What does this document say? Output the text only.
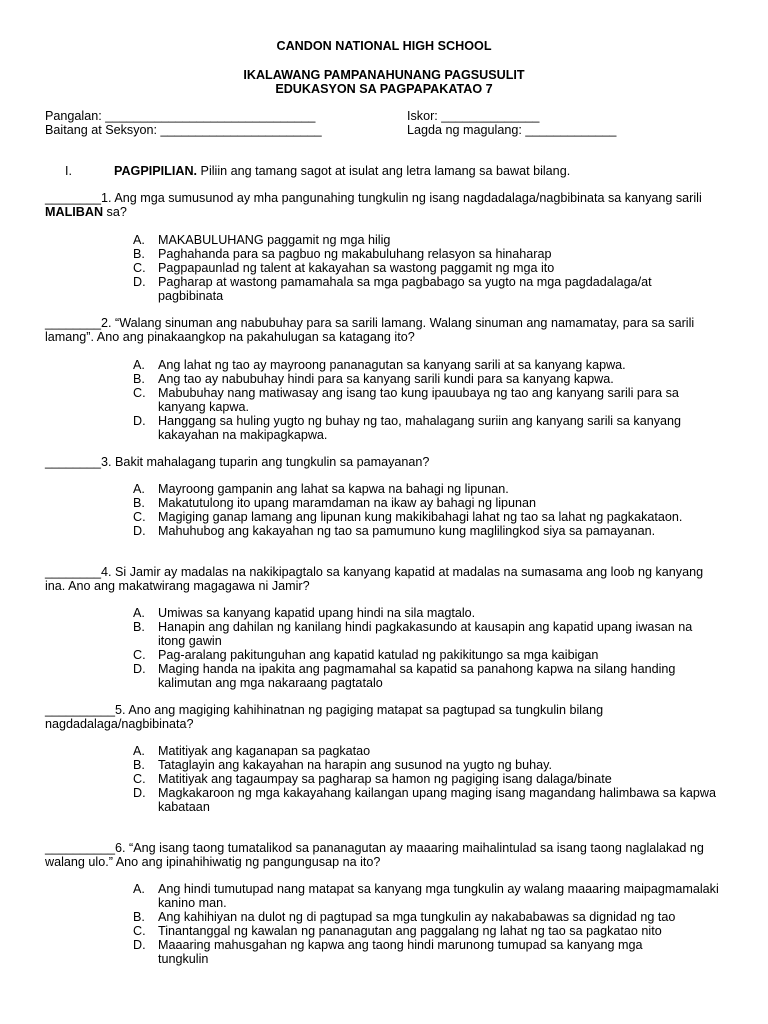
CANDON NATIONAL HIGH SCHOOL
IKALAWANG PAMPANAHUNANG PAGSUSULIT
EDUKASYON SA PAGPAPAKATAO 7
Pangalan: ______________________________	Iskor: ______________
Baitang at Seksyon: _______________________	Lagda ng magulang: _____________
I.	PAGPIPILIAN. Piliin ang tamang sagot at isulat ang letra lamang sa bawat bilang.
________1. Ang mga sumusunod ay mha pangunahing tungkulin ng isang nagdadalaga/nagbibinata sa kanyang sarili MALIBAN sa?
A. MAKABULUHANG paggamit ng mga hilig
B. Paghahanda para sa pagbuo ng makabuluhang relasyon sa hinaharap
C. Pagpapaunlad ng talent at kakayahan sa wastong paggamit ng mga ito
D. Pagharap at wastong pamamahala sa mga pagbabago sa yugto na mga pagdadalaga/at pagbibinata
________2. “Walang sinuman ang nabubuhay para sa sarili lamang. Walang sinuman ang namamatay, para sa sarili lamang”. Ano ang pinakaangkop na pakahulugan sa katagang ito?
A. Ang lahat ng tao ay mayroong pananagutan sa kanyang sarili at sa kanyang kapwa.
B. Ang tao ay nabubuhay hindi para sa kanyang sarili kundi para sa kanyang kapwa.
C. Mabubuhay nang matiwasay ang isang tao kung ipauubaya ng tao ang kanyang sarili para sa kanyang kapwa.
D. Hanggang sa huling yugto ng buhay ng tao, mahalagang suriin ang kanyang sarili sa kanyang kakayahan na makipagkapwa.
________3. Bakit mahalagang tuparin ang tungkulin sa pamayanan?
A. Mayroong gampanin ang lahat sa kapwa na bahagi ng lipunan.
B. Makatutulong ito upang maramdaman na ikaw ay bahagi ng lipunan
C. Magiging ganap lamang ang lipunan kung makikibahagi lahat ng tao sa lahat ng pagkakataon.
D. Mahuhubog ang kakayahan ng tao sa pamumuno kung maglilingkod siya sa pamayanan.
________4. Si Jamir ay madalas na nakikipagtalo sa kanyang kapatid at madalas na sumasama ang loob ng kanyang ina. Ano ang makatwirang magagawa ni Jamir?
A. Umiwas sa kanyang kapatid upang hindi na sila magtalo.
B. Hanapin ang dahilan ng kanilang hindi pagkakasundo at kausapin ang kapatid upang iwasan na itong gawin
C. Pag-aralang pakitunguhan ang kapatid katulad ng pakikitungo sa mga kaibigan
D. Maging handa na ipakita ang pagmamahal sa kapatid sa panahong kapwa na silang handing kalimutan ang mga nakaraang pagtatalo
__________5. Ano ang magiging kahihinatnan ng pagiging matapat sa pagtupad sa tungkulin bilang nagdadalaga/nagbibinata?
A. Matitiyak ang kaganapan sa pagkatao
B. Tataglayin ang kakayahan na harapin ang susunod na yugto ng buhay.
C. Matitiyak ang tagaumpay sa pagharap sa hamon ng pagiging isang dalaga/binate
D. Magkakaroon ng mga kakayahang kailangan upang maging isang magandang halimbawa sa kapwa kabataan
__________6. “Ang isang taong tumatalikod sa pananagutan ay maaaring maihalintulad sa isang taong naglalakad ng walang ulo.” Ano ang ipinahihiwatig ng pangungusap na ito?
A. Ang hindi tumutupad nang matapat sa kanyang mga tungkulin ay walang maaaring maipagmamalaki kanino man.
B. Ang kahihiyan na dulot ng di pagtupad sa mga tungkulin ay nakababawas sa dignidad ng tao
C. Tinantanggal ng kawalan ng pananagutan ang paggalang ng lahat ng tao sa pagkatao nito
D. Maaaring mahusgahan ng kapwa ang taong hindi marunong tumupad sa kanyang mga tungkulin
